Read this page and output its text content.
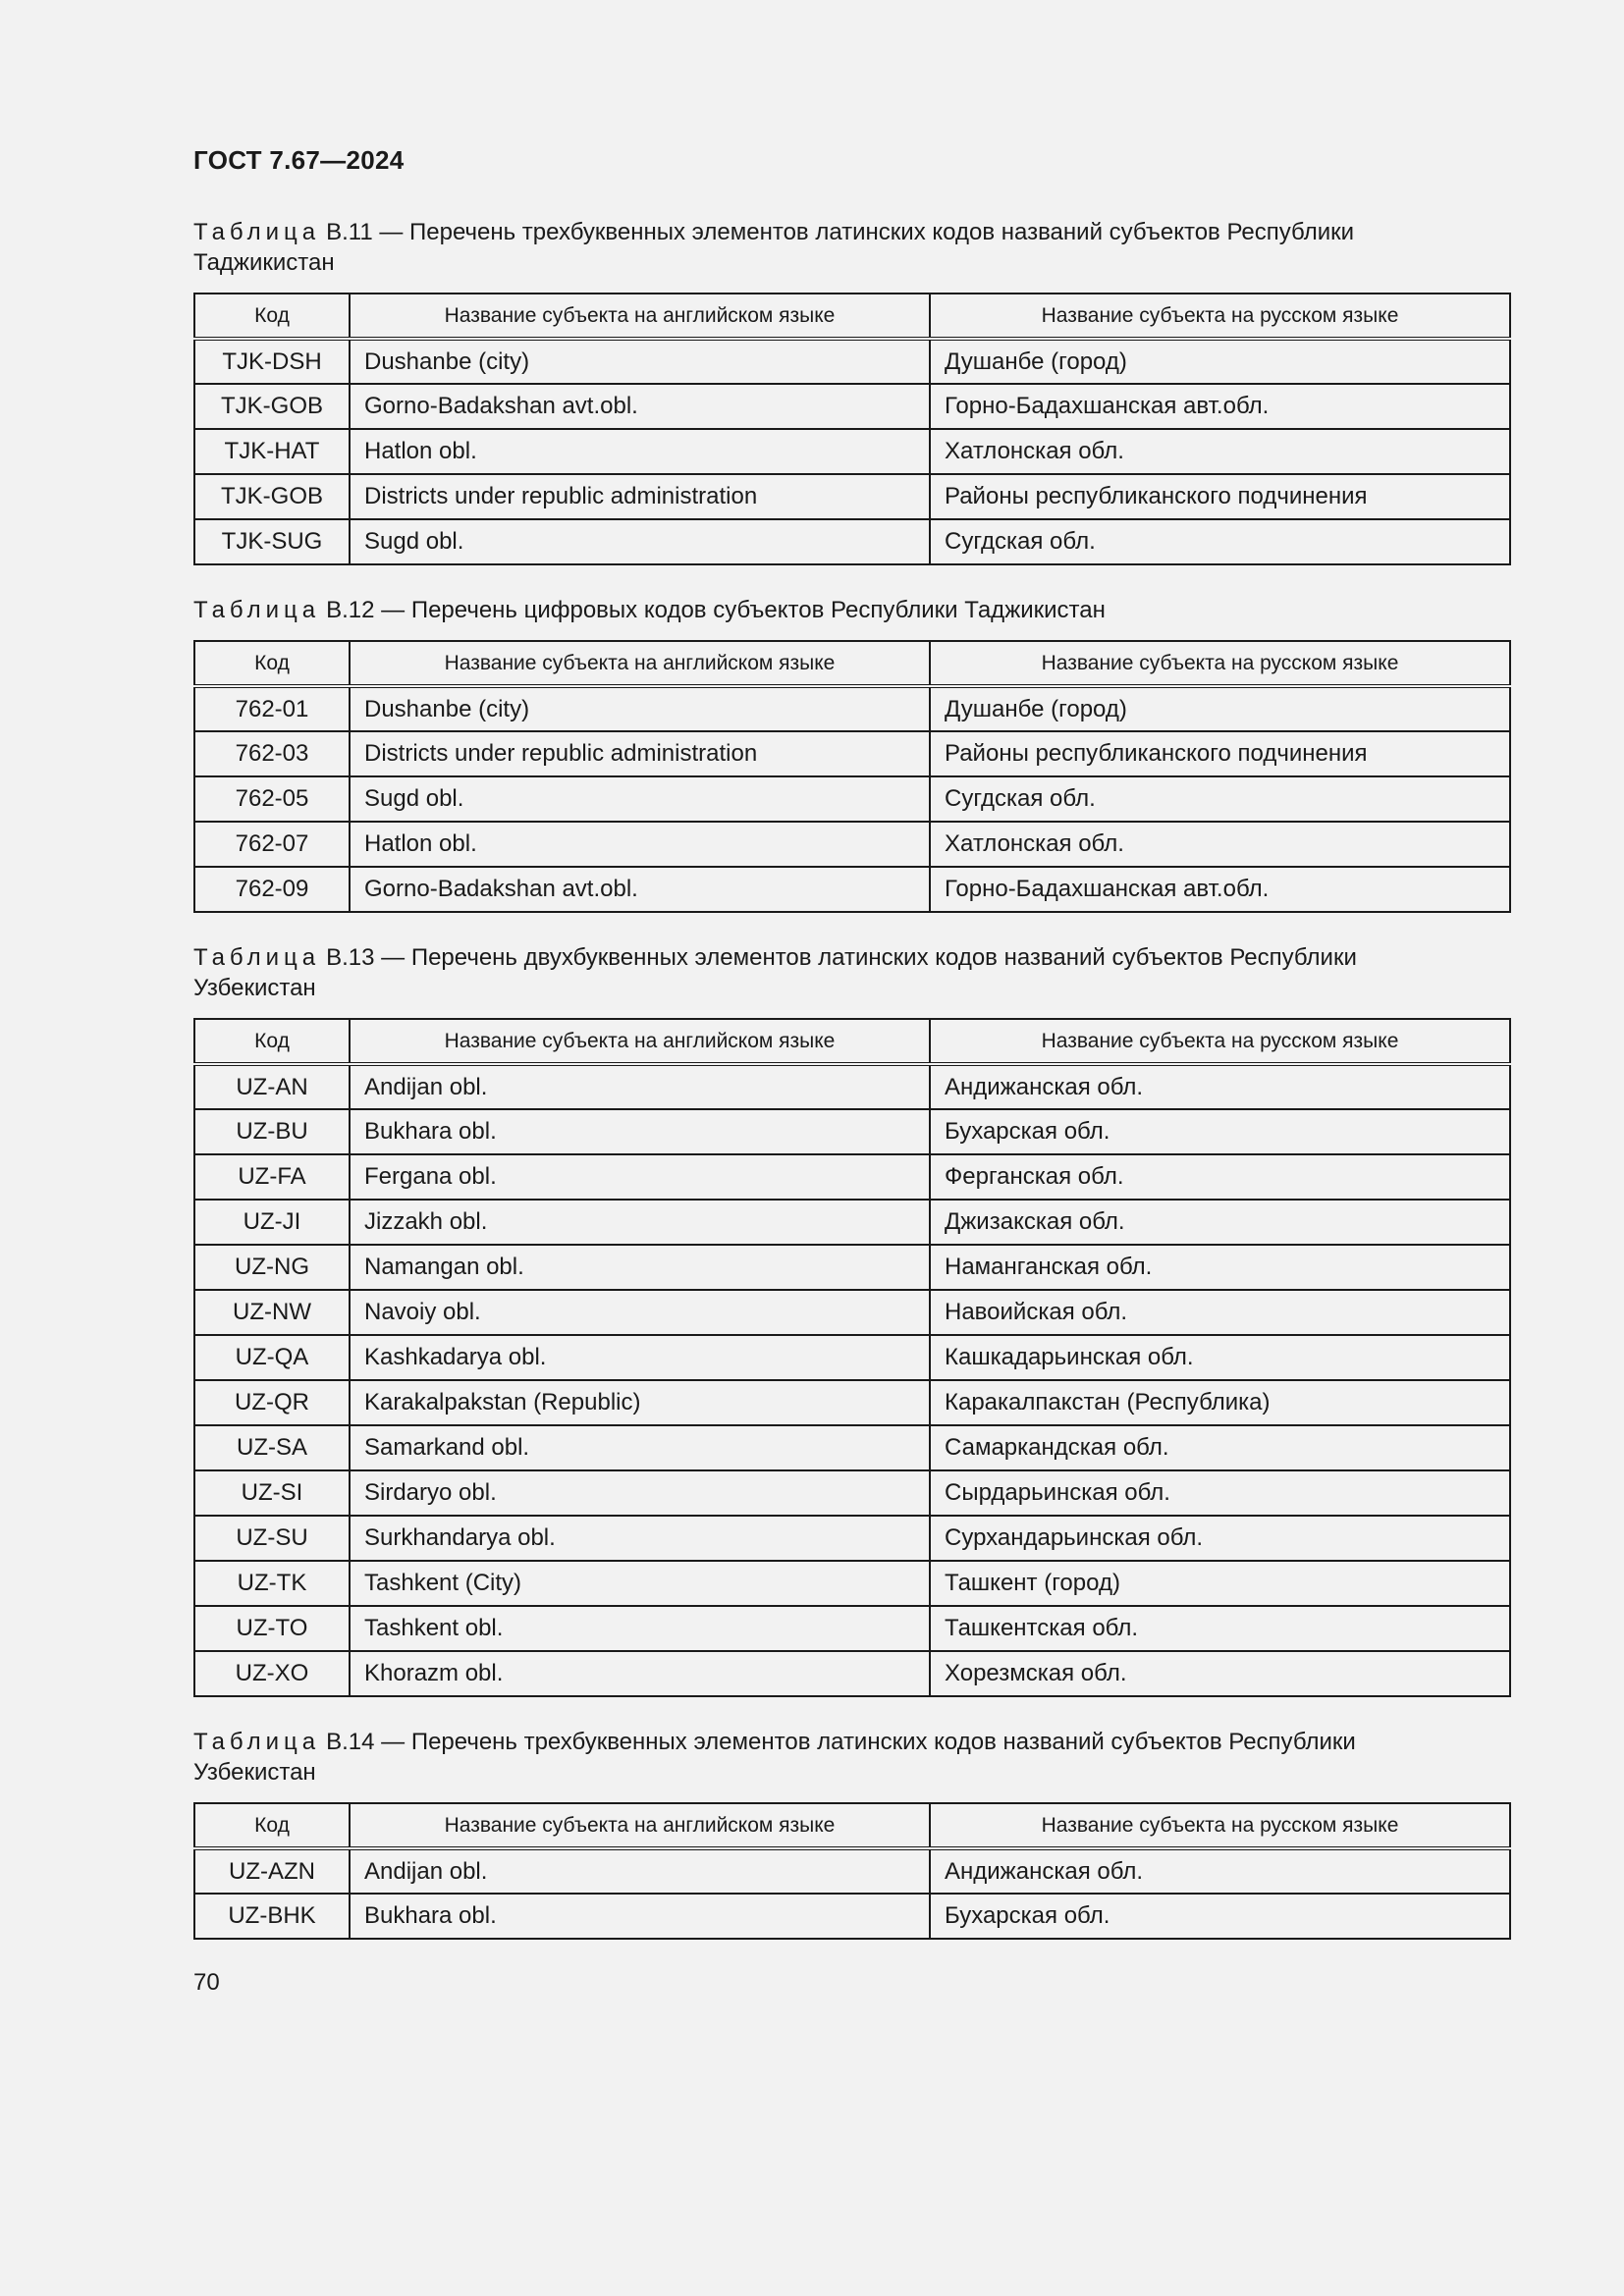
ГОСТ 7.67—2024
Таблица В.11 — Перечень трехбуквенных элементов латинских кодов названий субъектов Республики
Таджикистан
Код	Название субъекта на английском языке	Название субъекта на русском языке
TJK-DSH	Dushanbe (city)	Душанбе (город)
TJK-GOB	Gorno-Badakshan avt.obl.	Горно-Бадахшанская авт.обл.
TJK-HAT	Hatlon obl.	Хатлонская обл.
TJK-GOB	Districts under republic administration	Районы республиканского подчинения
TJK-SUG	Sugd obl.	Сугдская обл.
Таблица В.12 — Перечень цифровых кодов субъектов Республики Таджикистан
Код	Название субъекта на английском языке	Название субъекта на русском языке
762-01	Dushanbe (city)	Душанбе (город)
762-03	Districts under republic administration	Районы республиканского подчинения
762-05	Sugd obl.	Сугдская обл.
762-07	Hatlon obl.	Хатлонская обл.
762-09	Gorno-Badakshan avt.obl.	Горно-Бадахшанская авт.обл.
Таблица В.13 — Перечень двухбуквенных элементов латинских кодов названий субъектов Республики
Узбекистан
Код	Название субъекта на английском языке	Название субъекта на русском языке
UZ-AN	Andijan obl.	Андижанская обл.
UZ-BU	Bukhara obl.	Бухарская обл.
UZ-FA	Fergana obl.	Ферганская обл.
UZ-JI	Jizzakh obl.	Джизакская обл.
UZ-NG	Namangan obl.	Наманганская обл.
UZ-NW	Navoiy obl.	Навоийская обл.
UZ-QA	Kashkadarya obl.	Кашкадарьинская обл.
UZ-QR	Karakalpakstan (Republic)	Каракалпакстан (Республика)
UZ-SA	Samarkand obl.	Самаркандская обл.
UZ-SI	Sirdaryo obl.	Сырдарьинская обл.
UZ-SU	Surkhandarya obl.	Сурхандарьинская обл.
UZ-TK	Tashkent (City)	Ташкент (город)
UZ-TO	Tashkent obl.	Ташкентская обл.
UZ-XO	Khorazm obl.	Хорезмская обл.
Таблица В.14 — Перечень трехбуквенных элементов латинских кодов названий субъектов Республики
Узбекистан
Код	Название субъекта на английском языке	Название субъекта на русском языке
UZ-AZN	Andijan obl.	Андижанская обл.
UZ-BHK	Bukhara obl.	Бухарская обл.
70
